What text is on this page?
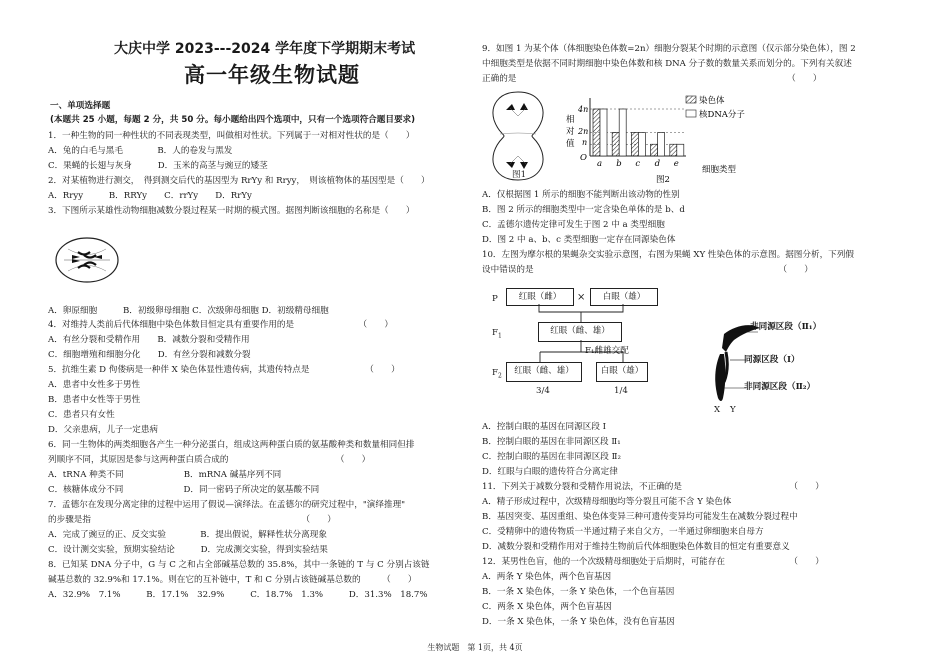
大庆中学 2023---2024 学年度下学期期末考试
高一年级生物试题
一、单项选择题
(本题共 25 小题，每题 2 分，共 50 分。每小题给出四个选项中，只有一个选项符合题目要求)
1．一种生物的同一种性状的不同表现类型，叫做相对性状。下列属于一对相对性状的是（　　）
A．兔的白毛与黑毛　　　　B．人的卷发与黑发
C．果蝇的长翅与灰身　　　D．玉米的高茎与豌豆的矮茎
2．对某植物进行测交，　得到测交后代的基因型为 RrYy 和 Rryy，　则该植物体的基因型是（　　）
A．Rryy　　　B．RRYy　　C．rrYy　　D．RrYy
3．下图所示某雄性动物细胞减数分裂过程某一时期的模式图。据图判断该细胞的名称是（　　）
A．卵原细胞　　　B．初级卵母细胞 C．次级卵母细胞 D．初级精母细胞
4．对维持人类前后代体细胞中染色体数目恒定具有重要作用的是　　　　　　　　（　　）
A．有丝分裂和受精作用　　B．减数分裂和受精作用
C．细胞增殖和细胞分化　　D．有丝分裂和减数分裂
5．抗维生素 D 佝偻病是一种伴 X 染色体显性遗传病，其遗传特点是　　　　　　　（　　）
A．患者中女性多于男性
B．患者中女性等于男性
C．患者只有女性
D．父亲患病，儿子一定患病
6．同一生物体的两类细胞各产生一种分泌蛋白，组成这两种蛋白质的氨基酸种类和数量相同但排
列顺序不同，其原因是参与这两种蛋白质合成的　　　　　　　　　　　　　（　　）
A．tRNA 种类不同　　　　　　　B．mRNA 碱基序列不同
C．核糖体成分不同　　　　　　　D．同一密码子所决定的氨基酸不同
7．孟德尔在发现分离定律的过程中运用了假说—演绎法。在孟德尔的研究过程中，"演绎推理"
的步骤是指　　　　　　　　　　　　　　　　　　　　　　　　　（　　）
A．完成了豌豆的正、反交实验　　　　B．提出假说，解释性状分离现象
C．设计测交实验，预期实验结论　　　D．完成测交实验，得到实验结果
8．已知某 DNA 分子中，G 与 C 之和占全部碱基总数的 35.8%，其中一条链的 T 与 C 分别占该链
碱基总数的 32.9%和 17.1%。则在它的互补链中，T 和 C 分别占该链碱基总数的　　　（　　）
A．32.9%　7.1%　　　B．17.1%　32.9%　　　C．18.7%　1.3%　　　D．31.3%　18.7%
9．如图 1 为某个体（体细胞染色体数=2n）细胞分裂某个时期的示意图（仅示部分染色体），图 2
中细胞类型是依据不同时期细胞中染色体数和核 DNA 分子数的数量关系而划分的。下列有关叙述
正确的是　　　　　　　　　　　　　　　　　　　　　　　　　　　　　　　　（　　）
图1
相
对
值
4n
2n
n
O
a b c d e
染色体
核DNA分子
细胞类型
图2
A．仅根据图 1 所示的细胞不能判断出该动物的性别
B．图 2 所示的细胞类型中一定含染色单体的是 b、d
C．孟德尔遗传定律可发生于图 2 中 a 类型细胞
D．图 2 中 a、b、c 类型细胞一定存在同源染色体
10．左图为摩尔根的果蝇杂交实验示意图，右图为果蝇 XY 性染色体的示意图。据图分析，下列假
设中错误的是　　　　　　　　　　　　　　　　　　　　　　　　　　　　　（　　）
P	红眼（雌）	×	白眼（雄）
$F_1$
红眼（雌、雄）
F₁雌雄交配
$F_2$
红眼（雌、雄）	白眼（雄）
3/4	1/4
非同源区段（Ⅱ₁）
同源区段（Ⅰ）
非同源区段（Ⅱ₂）
X Y
A．控制白眼的基因在同源区段 Ⅰ
B．控制白眼的基因在非同源区段 Ⅱ₁
C．控制白眼的基因在非同源区段 Ⅱ₂
D．红眼与白眼的遗传符合分离定律
11．下列关于减数分裂和受精作用说法，不正确的是　　　　　　　　　　　　　（　　）
A．精子形成过程中，次级精母细胞均等分裂且可能不含 Y 染色体
B．基因突变、基因重组、染色体变异三种可遗传变异均可能发生在减数分裂过程中
C．受精卵中的遗传物质一半通过精子来自父方，一半通过卵细胞来自母方
D．减数分裂和受精作用对于维持生物前后代体细胞染色体数目的恒定有重要意义
12．某男性色盲，他的一个次级精母细胞处于后期时，可能存在　　　　　　　　（　　）
A．两条 Y 染色体，两个色盲基因
B．一条 X 染色体，一条 Y 染色体，一个色盲基因
C．两条 X 染色体，两个色盲基因
D．一条 X 染色体，一条 Y 染色体，没有色盲基因
生物试题　第 1页，共 4页
